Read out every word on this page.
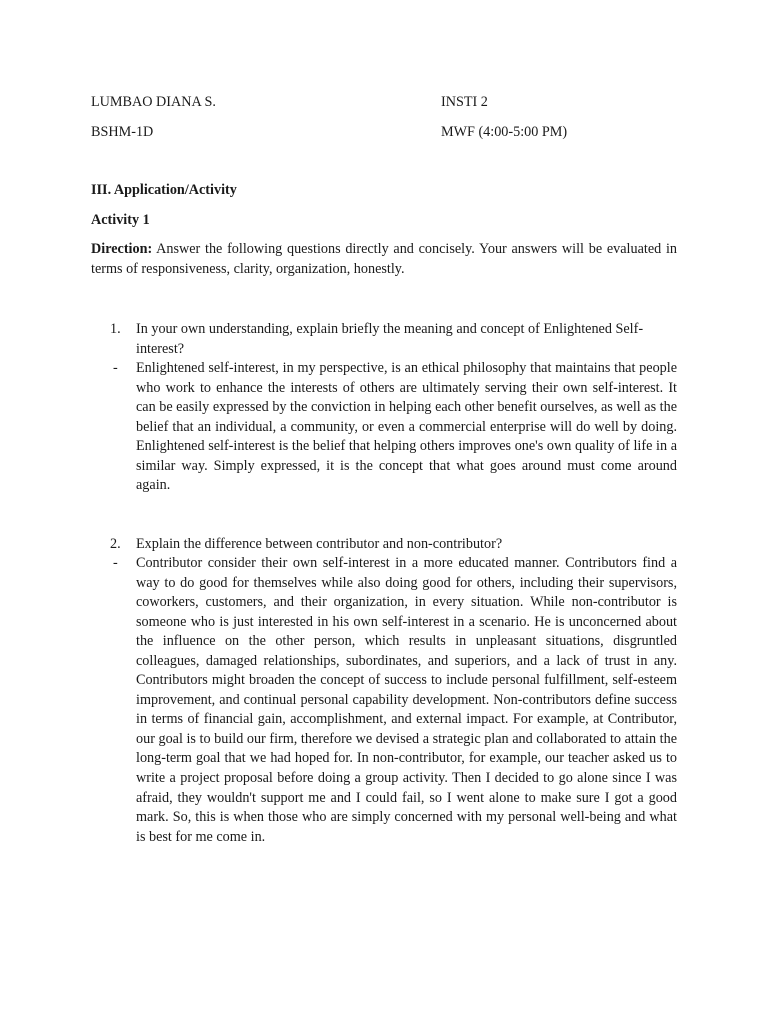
LUMBAO DIANA S.	INSTI 2
BSHM-1D	MWF (4:00-5:00 PM)
III. Application/Activity
Activity 1

Direction: Answer the following questions directly and concisely. Your answers will be evaluated in terms of responsiveness, clarity, organization, honestly.

1. In your own understanding, explain briefly the meaning and concept of Enlightened Self-interest?

- Enlightened self-interest, in my perspective, is an ethical philosophy that maintains that people who work to enhance the interests of others are ultimately serving their own self-interest. It can be easily expressed by the conviction in helping each other benefit ourselves, as well as the belief that an individual, a community, or even a commercial enterprise will do well by doing. Enlightened self-interest is the belief that helping others improves one's own quality of life in a similar way. Simply expressed, it is the concept that what goes around must come around again.

2. Explain the difference between contributor and non-contributor?

- Contributor consider their own self-interest in a more educated manner. Contributors find a way to do good for themselves while also doing good for others, including their supervisors, coworkers, customers, and their organization, in every situation. While non-contributor is someone who is just interested in his own self-interest in a scenario. He is unconcerned about the influence on the other person, which results in unpleasant situations, disgruntled colleagues, damaged relationships, subordinates, and superiors, and a lack of trust in any. Contributors might broaden the concept of success to include personal fulfillment, self-esteem improvement, and continual personal capability development. Non-contributors define success in terms of financial gain, accomplishment, and external impact. For example, at Contributor, our goal is to build our firm, therefore we devised a strategic plan and collaborated to attain the long-term goal that we had hoped for. In non-contributor, for example, our teacher asked us to write a project proposal before doing a group activity. Then I decided to go alone since I was afraid, they wouldn't support me and I could fail, so I went alone to make sure I got a good mark. So, this is when those who are simply concerned with my personal well-being and what is best for me come in.
